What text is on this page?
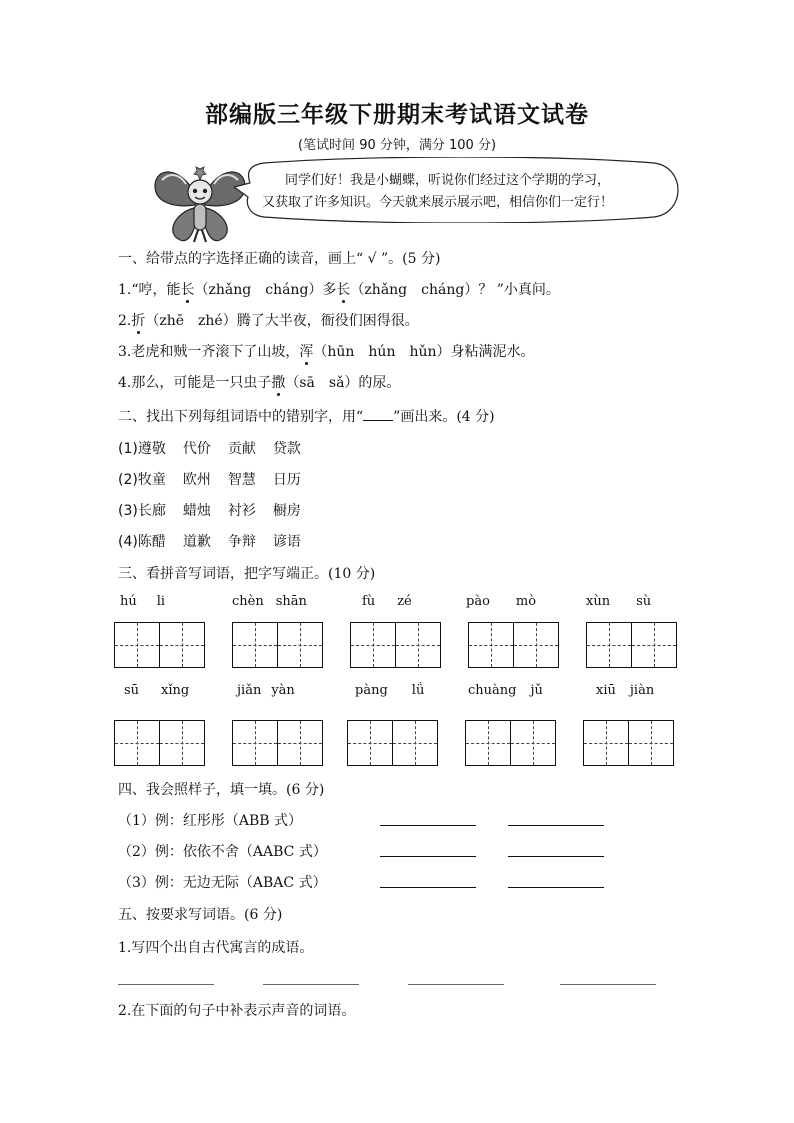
部编版三年级下册期末考试语文试卷
(笔试时间 90 分钟，满分 100 分)
同学们好！我是小蝴蝶，听说你们经过这个学期的学习，
又获取了许多知识。今天就来展示展示吧，相信你们一定行！
一、给带点的字选择正确的读音，画上“ √ ”。(5 分)
1.“哼，能长（zhǎng　cháng）多长（zhǎng　cháng）？ ”小真问。
2.折（zhē　zhé）腾了大半夜，衙役们困得很。
3.老虎和贼一齐滚下了山坡，浑（hūn　hún　hǔn）身粘满泥水。
4.那么，可能是一只虫子撒（sā　sǎ）的尿。
二、找出下列每组词语中的错别字，用“ ”画出来。(4 分)
(1)遵敬 代价 贡献 贷款
(2)牧童 欧州 智慧 日历
(3)长廊 蜡烛 衬衫 橱房
(4)陈醋 道歉 争辩 谚语
三、看拼音写词语，把字写端正。(10 分)
hú li	chèn shān	fù zé	pào mò	xùn sù
sū xǐng	jiǎn yàn	pàng lǘ	chuàng jǔ	xiū jiàn
四、我会照样子，填一填。(6 分)
（1）例：红彤彤（ABB 式）
（2）例：依依不舍（AABC 式）
（3）例：无边无际（ABAC 式）
五、按要求写词语。(6 分)
1.写四个出自古代寓言的成语。
2.在下面的句子中补表示声音的词语。
